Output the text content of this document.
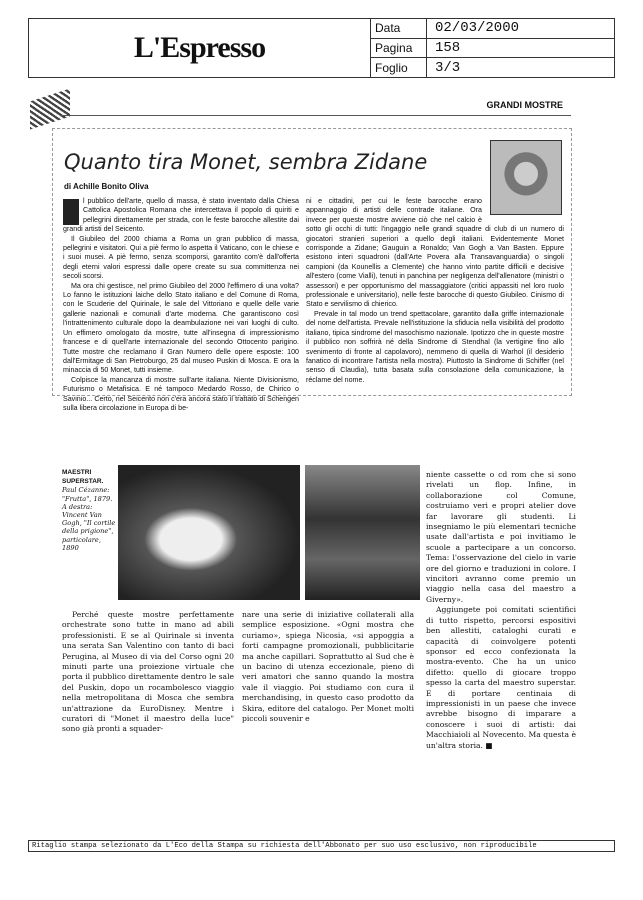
L'Espresso
Data	02/03/2000
Pagina	158
Foglio	3/3
GRANDI MOSTRE
Quanto tira Monet, sembra Zidane
di Achille Bonito Oliva

l pubblico dell'arte, quello di massa, è stato inventato dalla Chiesa Cattolica Apostolica Romana che intercettava il popolo di quiriti e pellegrini direttamente per strada, con le feste barocche allestite dai grandi artisti del Seicento.

Il Giubileo del 2000 chiama a Roma un gran pubblico di massa, pellegrini e visitatori. Qui a piè fermo lo aspetta il Vaticano, con le chiese e i suoi musei. A piè fermo, senza scomporsi, garantito com'è dall'offerta degli eterni valori espressi dalle opere create su sua committenza nei secoli scorsi.

Ma ora chi gestisce, nel primo Giubileo del 2000 l'effimero di una volta? Lo fanno le istituzioni laiche dello Stato italiano e del Comune di Roma, con le Scuderie del Quirinale, le sale del Vittoriano e quelle delle varie gallerie nazionali e comunali d'arte moderna. Che garantiscono così l'intrattenimento culturale dopo la deambulazione nei vari luoghi di culto. Un effimero omologato da mostre, tutte all'insegna di impressionismo francese e di quell'arte internazionale del secondo Ottocento parigino. Tutte mostre che reclamano il Gran Numero delle opere esposte: 100 dall'Ermitage di San Pietroburgo, 25 dal museo Puskin di Mosca. E ora la minaccia di 50 Monet, tutti insieme.

Colpisce la mancanza di mostre sull'arte italiana. Niente Divisionismo, Futurismo o Metafisica. E né tampoco Medardo Rosso, de Chirico o Savinio... Certo, nel Seicento non c'era ancora stato il trattato di Schengen sulla libera circolazione in Europa di be-

ni e cittadini, per cui le feste barocche erano appannaggio di artisti delle contrade italiane. Ora invece per queste mostre avviene ciò che nel calcio è sotto gli occhi di tutti: l'ingaggio nelle grandi squadre di club di un numero di giocatori stranieri superiori a quello degli italiani. Evidentemente Monet corrisponde a Zidane; Gauguin a Ronaldo; Van Gogh a Van Basten. Eppure esistono interi squadroni (dall'Arte Povera alla Transavanguardia) o singoli campioni (da Kounellis a Clemente) che hanno vinto partite difficili e decisive all'estero (come Vialli), tenuti in panchina per negligenza dell'allenatore (ministri o assessori) e per opportunismo del massaggiatore (critici appassiti nel loro ruolo professionale e universitario), nelle feste barocche di questo Giubileo. Cinismo di Stato e servilismo di chierico.

Prevale in tal modo un trend spettacolare, garantito dalla griffe internazionale del nome dell'artista. Prevale nell'istituzione la sfiducia nella visibilità del prodotto italiano, tipica sindrome del masochismo nazionale. Ipotizzo che in queste mostre il pubblico non soffrirà né della Sindrome di Stendhal (la vertigine fino allo svenimento di fronte al capolavoro), nemmeno di quella di Warhol (il desiderio fanatico di incontrare l'artista nella mostra). Piuttosto la Sindrome di Schiffer (nel senso di Claudia), tutta basata sulla consolazione della comunicazione, la réclame del nome.

MAESTRI SUPERSTAR.
Paul Cézanne: "Frutta", 1879. A destra: Vincent Van Gogh, "Il cortile della prigione", particolare, 1890

niente cassette o cd rom che si sono rivelati un flop. Infine, in collaborazione col Comune, costruiamo veri e propri atelier dove far lavorare gli studenti. Li insegniamo le più elementari tecniche usate dall'artista e poi invitiamo le scuole a partecipare a un concorso. Tema: l'osservazione del cielo in varie ore del giorno e traduzioni in colore. I vincitori avranno come premio un viaggio nella casa del maestro a Giverny».

Aggiungete poi comitati scientifici di tutto rispetto, percorsi espositivi ben allestiti, cataloghi curati e capacità di coinvolgere potenti sponsor ed ecco confezionata la mostra-evento. Che ha un unico difetto: quello di giocare troppo spesso la carta del maestro superstar. E di portare centinaia di impressionisti in un paese che invece avrebbe bisogno di imparare a conoscere i suoi di artisti: dai Macchiaioli al Novecento. Ma questa è un'altra storia. ■

Perché queste mostre perfettamente orchestrate sono tutte in mano ad abili professionisti. E se al Quirinale si inventa una serata San Valentino con tanto di baci Perugina, al Museo di via del Corso ogni 20 minuti parte una proiezione virtuale che porta il pubblico direttamente dentro le sale del Puskin, dopo un rocambolesco viaggio nella metropolitana di Mosca che sembra un'attrazione da EuroDisney. Mentre i curatori di "Monet il maestro della luce" sono già pronti a squader-

nare una serie di iniziative collaterali alla semplice esposizione. «Ogni mostra che curiamo», spiega Nicosia, «si appoggia a forti campagne promozionali, pubblicitarie ma anche capillari. Soprattutto al Sud che è un bacino di utenza eccezionale, pieno di veri amatori che sanno quando la mostra vale il viaggio. Poi studiamo con cura il merchandising, in questo caso prodotto da Skira, editore del catalogo. Per Monet molti piccoli souvenir e

Ritaglio stampa selezionato da L'Eco della Stampa su richiesta dell'Abbonato per suo uso esclusivo, non riproducibile
